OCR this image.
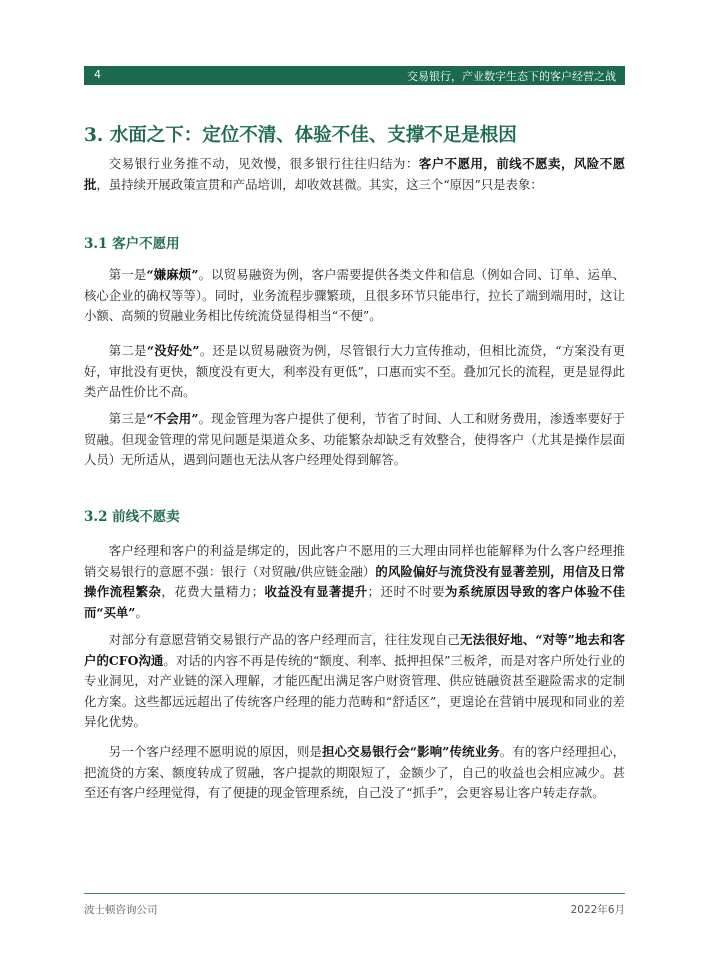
4	交易银行，产业数字生态下的客户经营之战
3. 水面之下：定位不清、体验不佳、支撑不足是根因

交易银行业务推不动，见效慢，很多银行往往归结为：客户不愿用，前线不愿卖，风险不愿批，虽持续开展政策宣贯和产品培训，却收效甚微。其实，这三个“原因”只是表象：

3.1 客户不愿用

第一是“嫌麻烦”。以贸易融资为例，客户需要提供各类文件和信息（例如合同、订单、运单、核心企业的确权等等）。同时，业务流程步骤繁琐，且很多环节只能串行，拉长了端到端用时，这让小额、高频的贸融业务相比传统流贷显得相当“不便”。

第二是“没好处”。还是以贸易融资为例，尽管银行大力宣传推动，但相比流贷，“方案没有更好，审批没有更快，额度没有更大，利率没有更低”，口惠而实不至。叠加冗长的流程，更是显得此类产品性价比不高。

第三是“不会用”。现金管理为客户提供了便利，节省了时间、人工和财务费用，渗透率要好于贸融。但现金管理的常见问题是渠道众多、功能繁杂却缺乏有效整合，使得客户（尤其是操作层面人员）无所适从，遇到问题也无法从客户经理处得到解答。

3.2 前线不愿卖

客户经理和客户的利益是绑定的，因此客户不愿用的三大理由同样也能解释为什么客户经理推销交易银行的意愿不强：银行（对贸融/供应链金融）的风险偏好与流贷没有显著差别，用信及日常操作流程繁杂，花费大量精力；收益没有显著提升；还时不时要为系统原因导致的客户体验不佳而“买单”。

对部分有意愿营销交易银行产品的客户经理而言，往往发现自己无法很好地、“对等”地去和客户的CFO沟通。对话的内容不再是传统的“额度、利率、抵押担保”三板斧，而是对客户所处行业的专业洞见，对产业链的深入理解，才能匹配出满足客户财资管理、供应链融资甚至避险需求的定制化方案。这些都远远超出了传统客户经理的能力范畴和“舒适区”，更遑论在营销中展现和同业的差异化优势。

另一个客户经理不愿明说的原因，则是担心交易银行会“影响”传统业务。有的客户经理担心，把流贷的方案、额度转成了贸融，客户提款的期限短了，金额少了，自己的收益也会相应减少。甚至还有客户经理觉得，有了便捷的现金管理系统，自己没了“抓手”，会更容易让客户转走存款。

波士顿咨询公司	2022年6月
